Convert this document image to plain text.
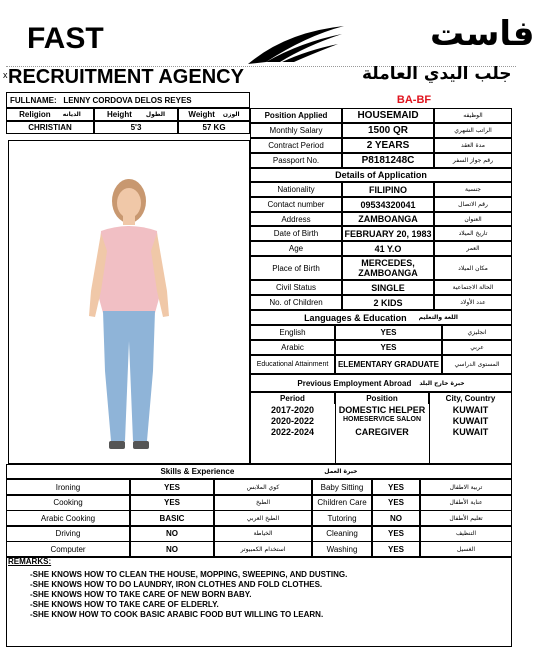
FAST	فاست
x RECRUITMENT AGENCY	جلب اليدي العاملة
FULLNAME:
LENNY CORDOVA DELOS REYES	BA-BF
Religion الديانه	Height الطول	Weight الوزن
CHRISTIAN	5'3	57 KG
Position Applied	HOUSEMAID	الوظيفه
Monthly Salary	1500 QR	الراتب الشهري
Contract Period	2 YEARS	مدة العقد
Passport No.	P8181248C	رقم جواز السفر
Details of Application
Nationality	FILIPINO	جنسية
Contact number	09534320041	رقم الاتصال
Address	ZAMBOANGA	العنوان
Date of Birth	FEBRUARY 20, 1983	تاريخ الميلاد
Age	41 Y.O	العمر
Place of Birth	MERCEDES, ZAMBOANGA	مكان الميلاد
Civil Status	SINGLE	الحالة الاجتماعية
No. of Children	2 KIDS	عدد الأولاد
Languages & Education اللغة والتعليم
English	YES	انجليزي
Arabic	YES	عربي
Educational Attainment	ELEMENTARY GRADUATE	المستوى الدراسي
Previous Employment Abroad خبرة خارج البلد
Period	Position	City, Country
2017-2020	DOMESTIC HELPER	KUWAIT
2020-2022	HOMESERVICE SALON	KUWAIT
2022-2024	CAREGIVER	KUWAIT
Skills & Experience	خبرة العمل
Ironing	YES	كوي الملابس	Baby Sitting	YES	تربية الاطفال
Cooking	YES	الطبخ	Children Care	YES	عناية الأطفال
Arabic Cooking	BASIC	الطبخ العربي	Tutoring	NO	تعليم الأطفال
Driving	NO	الخياطة	Cleaning	YES	التنظيف
Computer	NO	استخدام الكمبيوتر	Washing	YES	الغسيل
REMARKS:
-SHE KNOWS HOW TO CLEAN THE HOUSE, MOPPING, SWEEPING, AND DUSTING.
-SHE KNOWS HOW TO DO LAUNDRY, IRON CLOTHES AND FOLD CLOTHES.
-SHE KNOWS HOW TO TAKE CARE OF NEW BORN BABY.
-SHE KNOWS HOW TO TAKE CARE OF ELDERLY.
-SHE KNOW HOW TO COOK BASIC ARABIC FOOD BUT WILLING TO LEARN.
